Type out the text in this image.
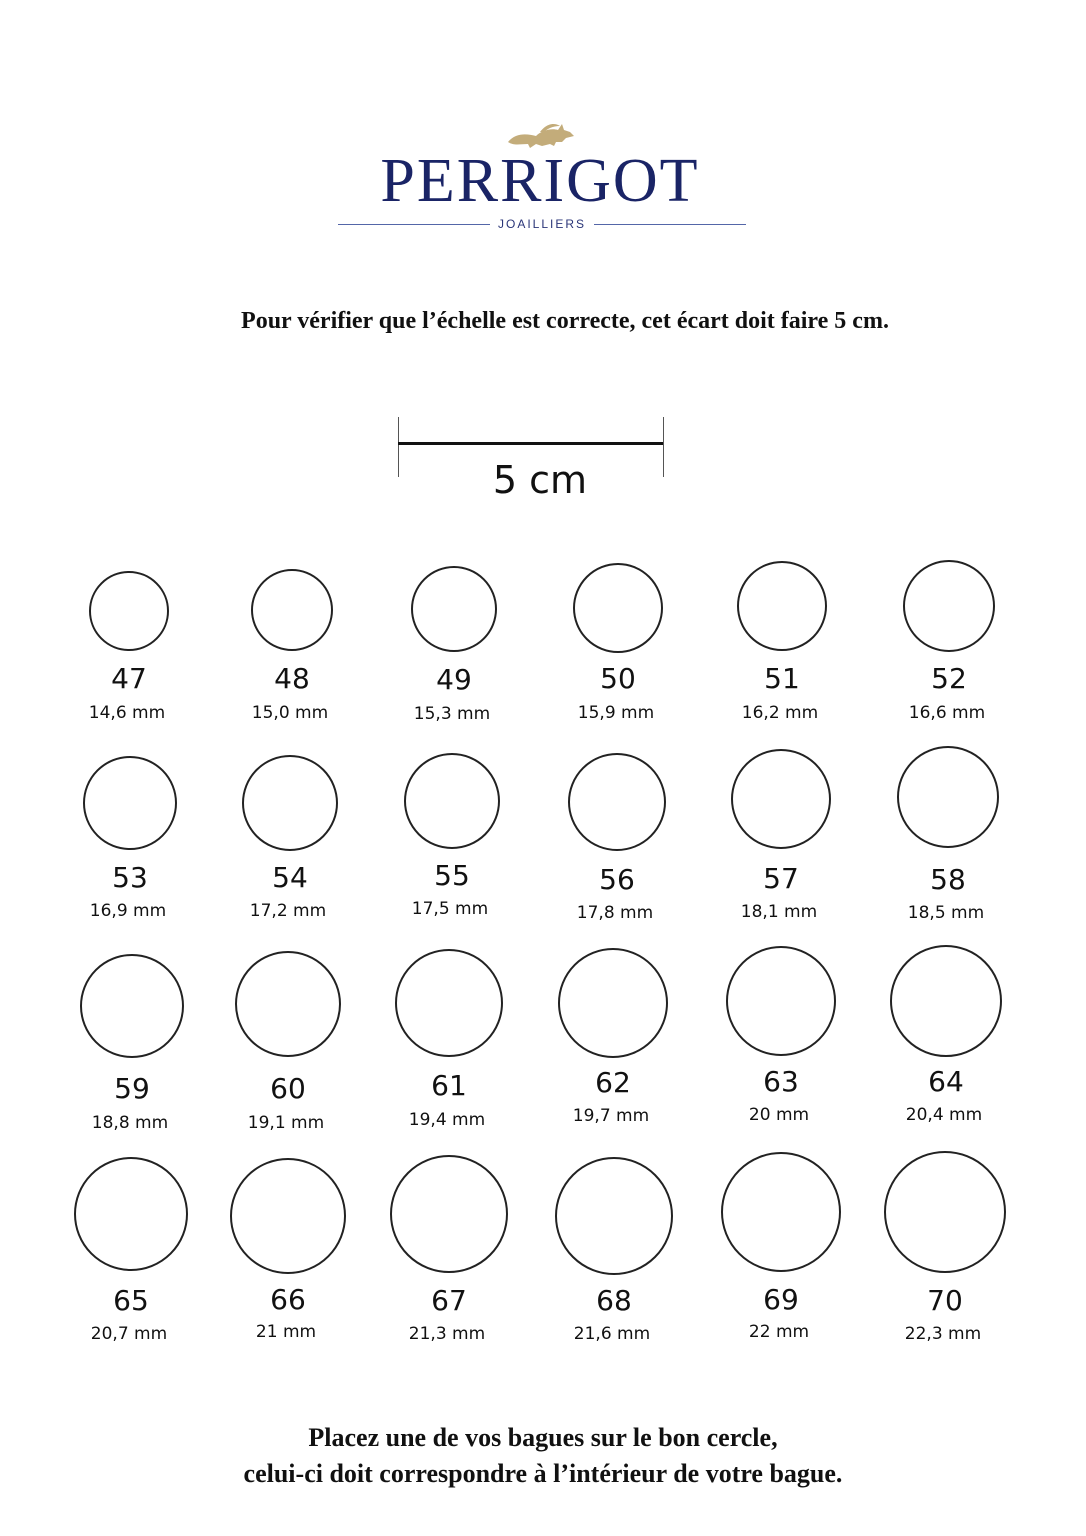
PERRIGOT
JOAILLIERS
Pour vérifier que l’échelle est correcte, cet écart doit faire 5 cm.
5 cm
47
14,6 mm
48
15,0 mm
49
15,3 mm
50
15,9 mm
51
16,2 mm
52
16,6 mm
53
16,9 mm
54
17,2 mm
55
17,5 mm
56
17,8 mm
57
18,1 mm
58
18,5 mm
59
18,8 mm
60
19,1 mm
61
19,4 mm
62
19,7 mm
63
20 mm
64
20,4 mm
65
20,7 mm
66
21 mm
67
21,3 mm
68
21,6 mm
69
22 mm
70
22,3 mm
Placez une de vos bagues sur le bon cercle,
celui-ci doit correspondre à l’intérieur de votre bague.
